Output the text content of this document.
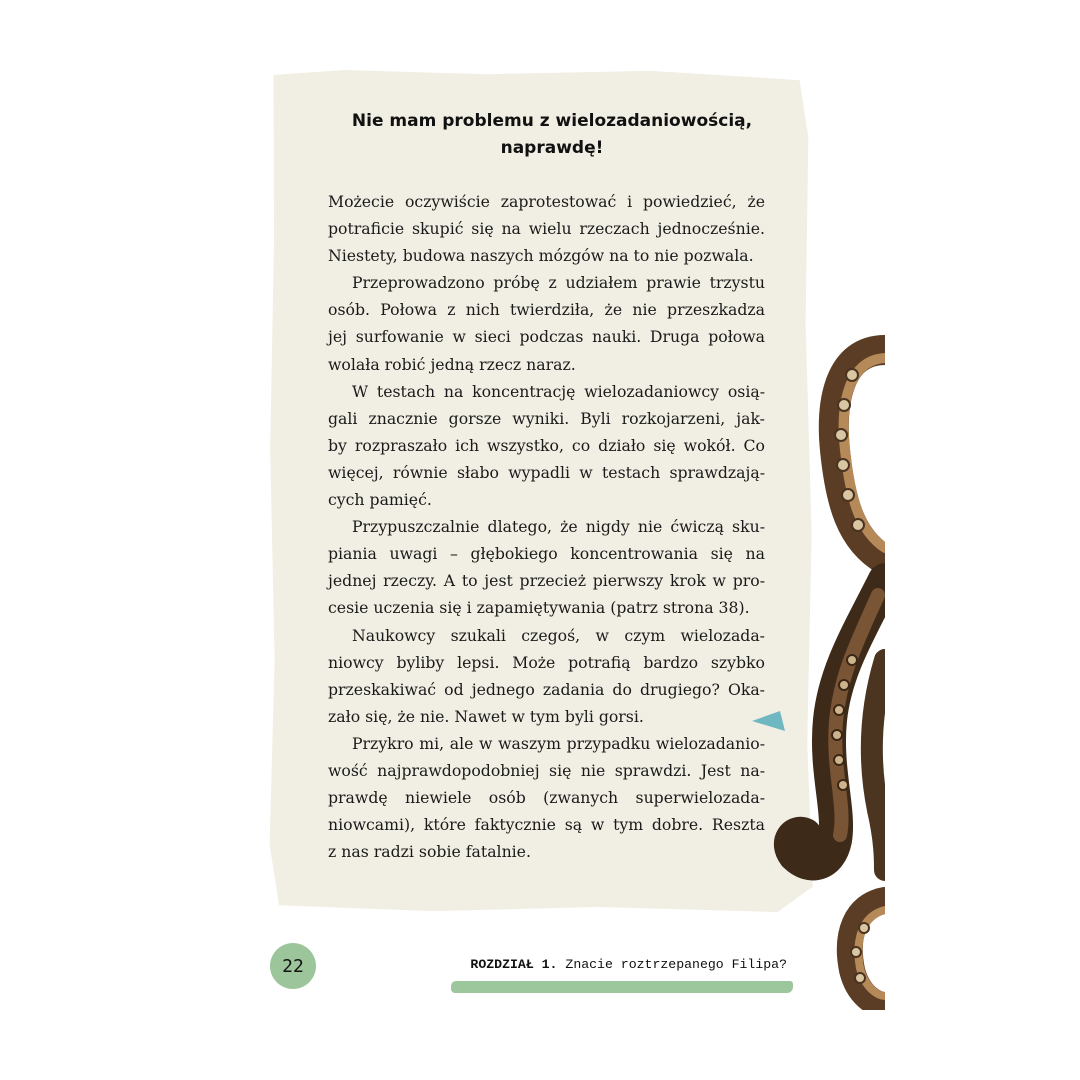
Nie mam problemu z wielozadaniowością,
naprawdę!
Możecie oczywiście zaprotestować i powiedzieć, że
potraficie skupić się na wielu rzeczach jednocześnie.
Niestety, budowa naszych mózgów na to nie pozwala.
Przeprowadzono próbę z udziałem prawie trzystu
osób. Połowa z nich twierdziła, że nie przeszkadza
jej surfowanie w sieci podczas nauki. Druga połowa
wolała robić jedną rzecz naraz.
W testach na koncentrację wielozadaniowcy osią-
gali znacznie gorsze wyniki. Byli rozkojarzeni, jak-
by rozpraszało ich wszystko, co działo się wokół. Co
więcej, równie słabo wypadli w testach sprawdzają-
cych pamięć.
Przypuszczalnie dlatego, że nigdy nie ćwiczą sku-
piania uwagi – głębokiego koncentrowania się na
jednej rzeczy. A to jest przecież pierwszy krok w pro-
cesie uczenia się i zapamiętywania (patrz strona 38).
Naukowcy szukali czegoś, w czym wielozada-
niowcy byliby lepsi. Może potrafią bardzo szybko
przeskakiwać od jednego zadania do drugiego? Oka-
zało się, że nie. Nawet w tym byli gorsi.
Przykro mi, ale w waszym przypadku wielozadanio-
wość najprawdopodobniej się nie sprawdzi. Jest na-
prawdę niewiele osób (zwanych superwielozada-
niowcami), które faktycznie są w tym dobre. Reszta
z nas radzi sobie fatalnie.
22	ROZDZIAŁ 1. Znacie roztrzepanego Filipa?
